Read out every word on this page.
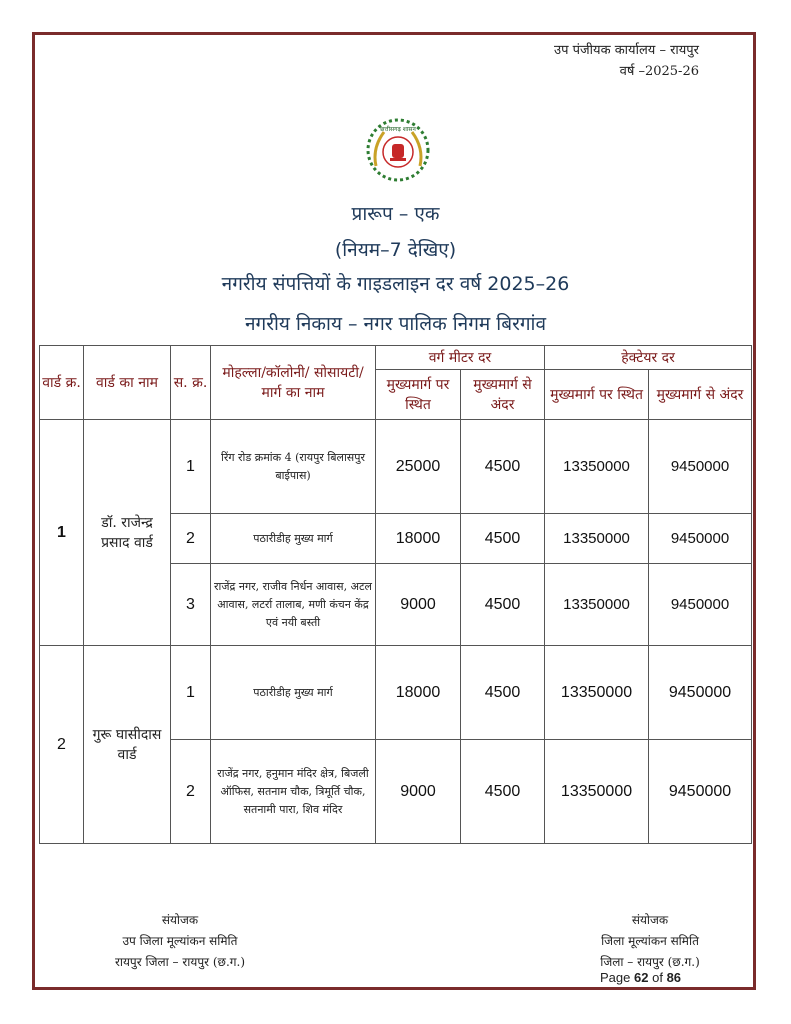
उप पंजीयक कार्यालय – रायपुर
वर्ष –2025-26
छत्तीसगढ़ शासन
प्रारूप – एक
(नियम–7 देखिए)
नगरीय संपत्तियों के गाइडलाइन दर वर्ष 2025–26
नगरीय निकाय – नगर पालिक निगम बिरगांव
वार्ड क्र.	वार्ड का नाम	स. क्र.	मोहल्ला/कॉलोनी/ सोसायटी/मार्ग का नाम	वर्ग मीटर दर		हेक्टेयर दर	
				मुख्यमार्ग पर स्थित	मुख्यमार्ग से अंदर	मुख्यमार्ग पर स्थित	मुख्यमार्ग से अंदर
1	डॉ. राजेन्द्र प्रसाद वार्ड	1	रिंग रोड क्रमांक 4 (रायपुर बिलासपुर बाईपास)	25000	4500	13350000	9450000
		2	पठारीडीह मुख्य मार्ग	18000	4500	13350000	9450000
		3	राजेंद्र नगर, राजीव निर्धन आवास, अटल आवास, लटर्रा तालाब, मणी कंचन केंद्र एवं नयी बस्ती	9000	4500	13350000	9450000
2	गुरू घासीदास वार्ड	1	पठारीडीह मुख्य मार्ग	18000	4500	13350000	9450000
		2	राजेंद्र नगर, हनुमान मंदिर क्षेत्र, बिजली ऑफिस, सतनाम चौक, त्रिमूर्ति चौक, सतनामी पारा, शिव मंदिर	9000	4500	13350000	9450000
संयोजक
उप जिला मूल्यांकन समिति
रायपुर जिला – रायपुर (छ.ग.)
संयोजक
जिला मूल्यांकन समिति
जिला – रायपुर (छ.ग.)
Page 62 of 86
